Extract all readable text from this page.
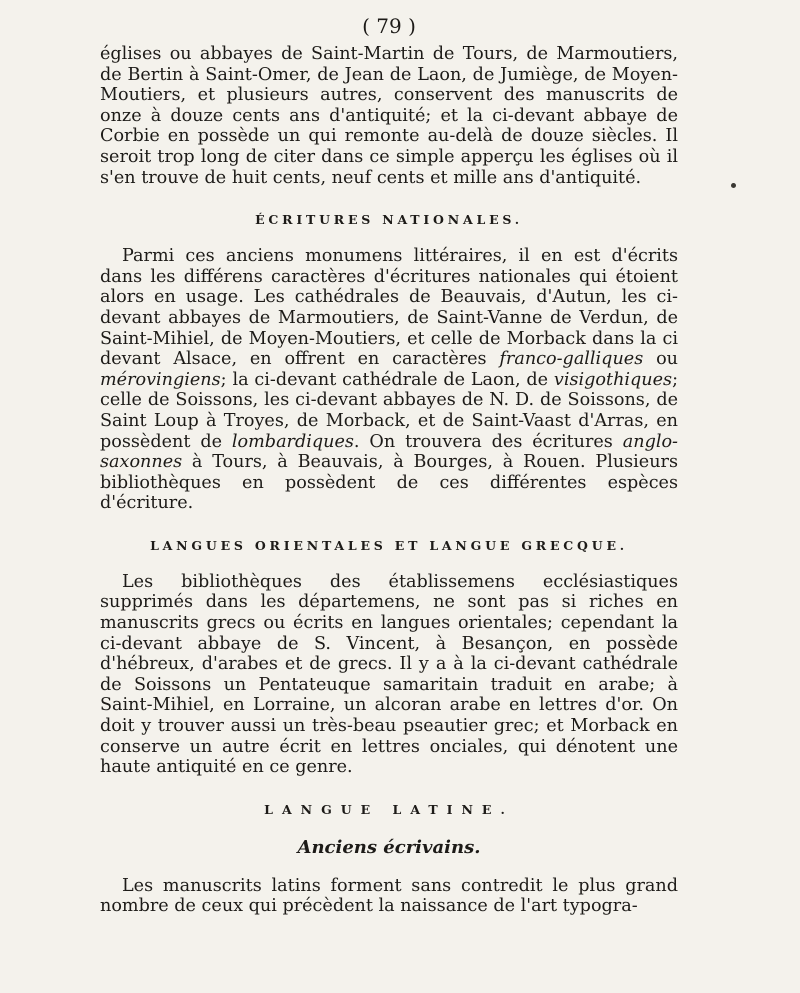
( 79 )

églises ou abbayes de Saint-Martin de Tours, de Marmoutiers, de Bertin à Saint-Omer, de Jean de Laon, de Jumiège, de Moyen-Moutiers, et plusieurs autres, conservent des manuscrits de onze à douze cents ans d'antiquité; et la ci-devant abbaye de Corbie en possède un qui remonte au-delà de douze siècles. Il seroit trop long de citer dans ce simple apperçu les églises où il s'en trouve de huit cents, neuf cents et mille ans d'antiquité.

ÉCRITURES NATIONALES.

Parmi ces anciens monumens littéraires, il en est d'écrits dans les différens caractères d'écritures nationales qui étoient alors en usage. Les cathédrales de Beauvais, d'Autun, les ci-devant abbayes de Marmoutiers, de Saint-Vanne de Verdun, de Saint-Mihiel, de Moyen-Moutiers, et celle de Morback dans la ci devant Alsace, en offrent en caractères franco-galliques ou mérovingiens; la ci-devant cathédrale de Laon, de visigothiques; celle de Soissons, les ci-devant abbayes de N. D. de Soissons, de Saint Loup à Troyes, de Morback, et de Saint-Vaast d'Arras, en possèdent de lombardiques. On trouvera des écritures anglo-saxonnes à Tours, à Beauvais, à Bourges, à Rouen. Plusieurs bibliothèques en possèdent de ces différentes espèces d'écriture.

LANGUES ORIENTALES ET LANGUE GRECQUE.

Les bibliothèques des établissemens ecclésiastiques supprimés dans les départemens, ne sont pas si riches en manuscrits grecs ou écrits en langues orientales; cependant la ci-devant abbaye de S. Vincent, à Besançon, en possède d'hébreux, d'arabes et de grecs. Il y a à la ci-devant cathédrale de Soissons un Pentateuque samaritain traduit en arabe; à Saint-Mihiel, en Lorraine, un alcoran arabe en lettres d'or. On doit y trouver aussi un très-beau pseautier grec; et Morback en conserve un autre écrit en lettres onciales, qui dénotent une haute antiquité en ce genre.

LANGUE LATINE.
Anciens écrivains.

Les manuscrits latins forment sans contredit le plus grand nombre de ceux qui précèdent la naissance de l'art typogra-
